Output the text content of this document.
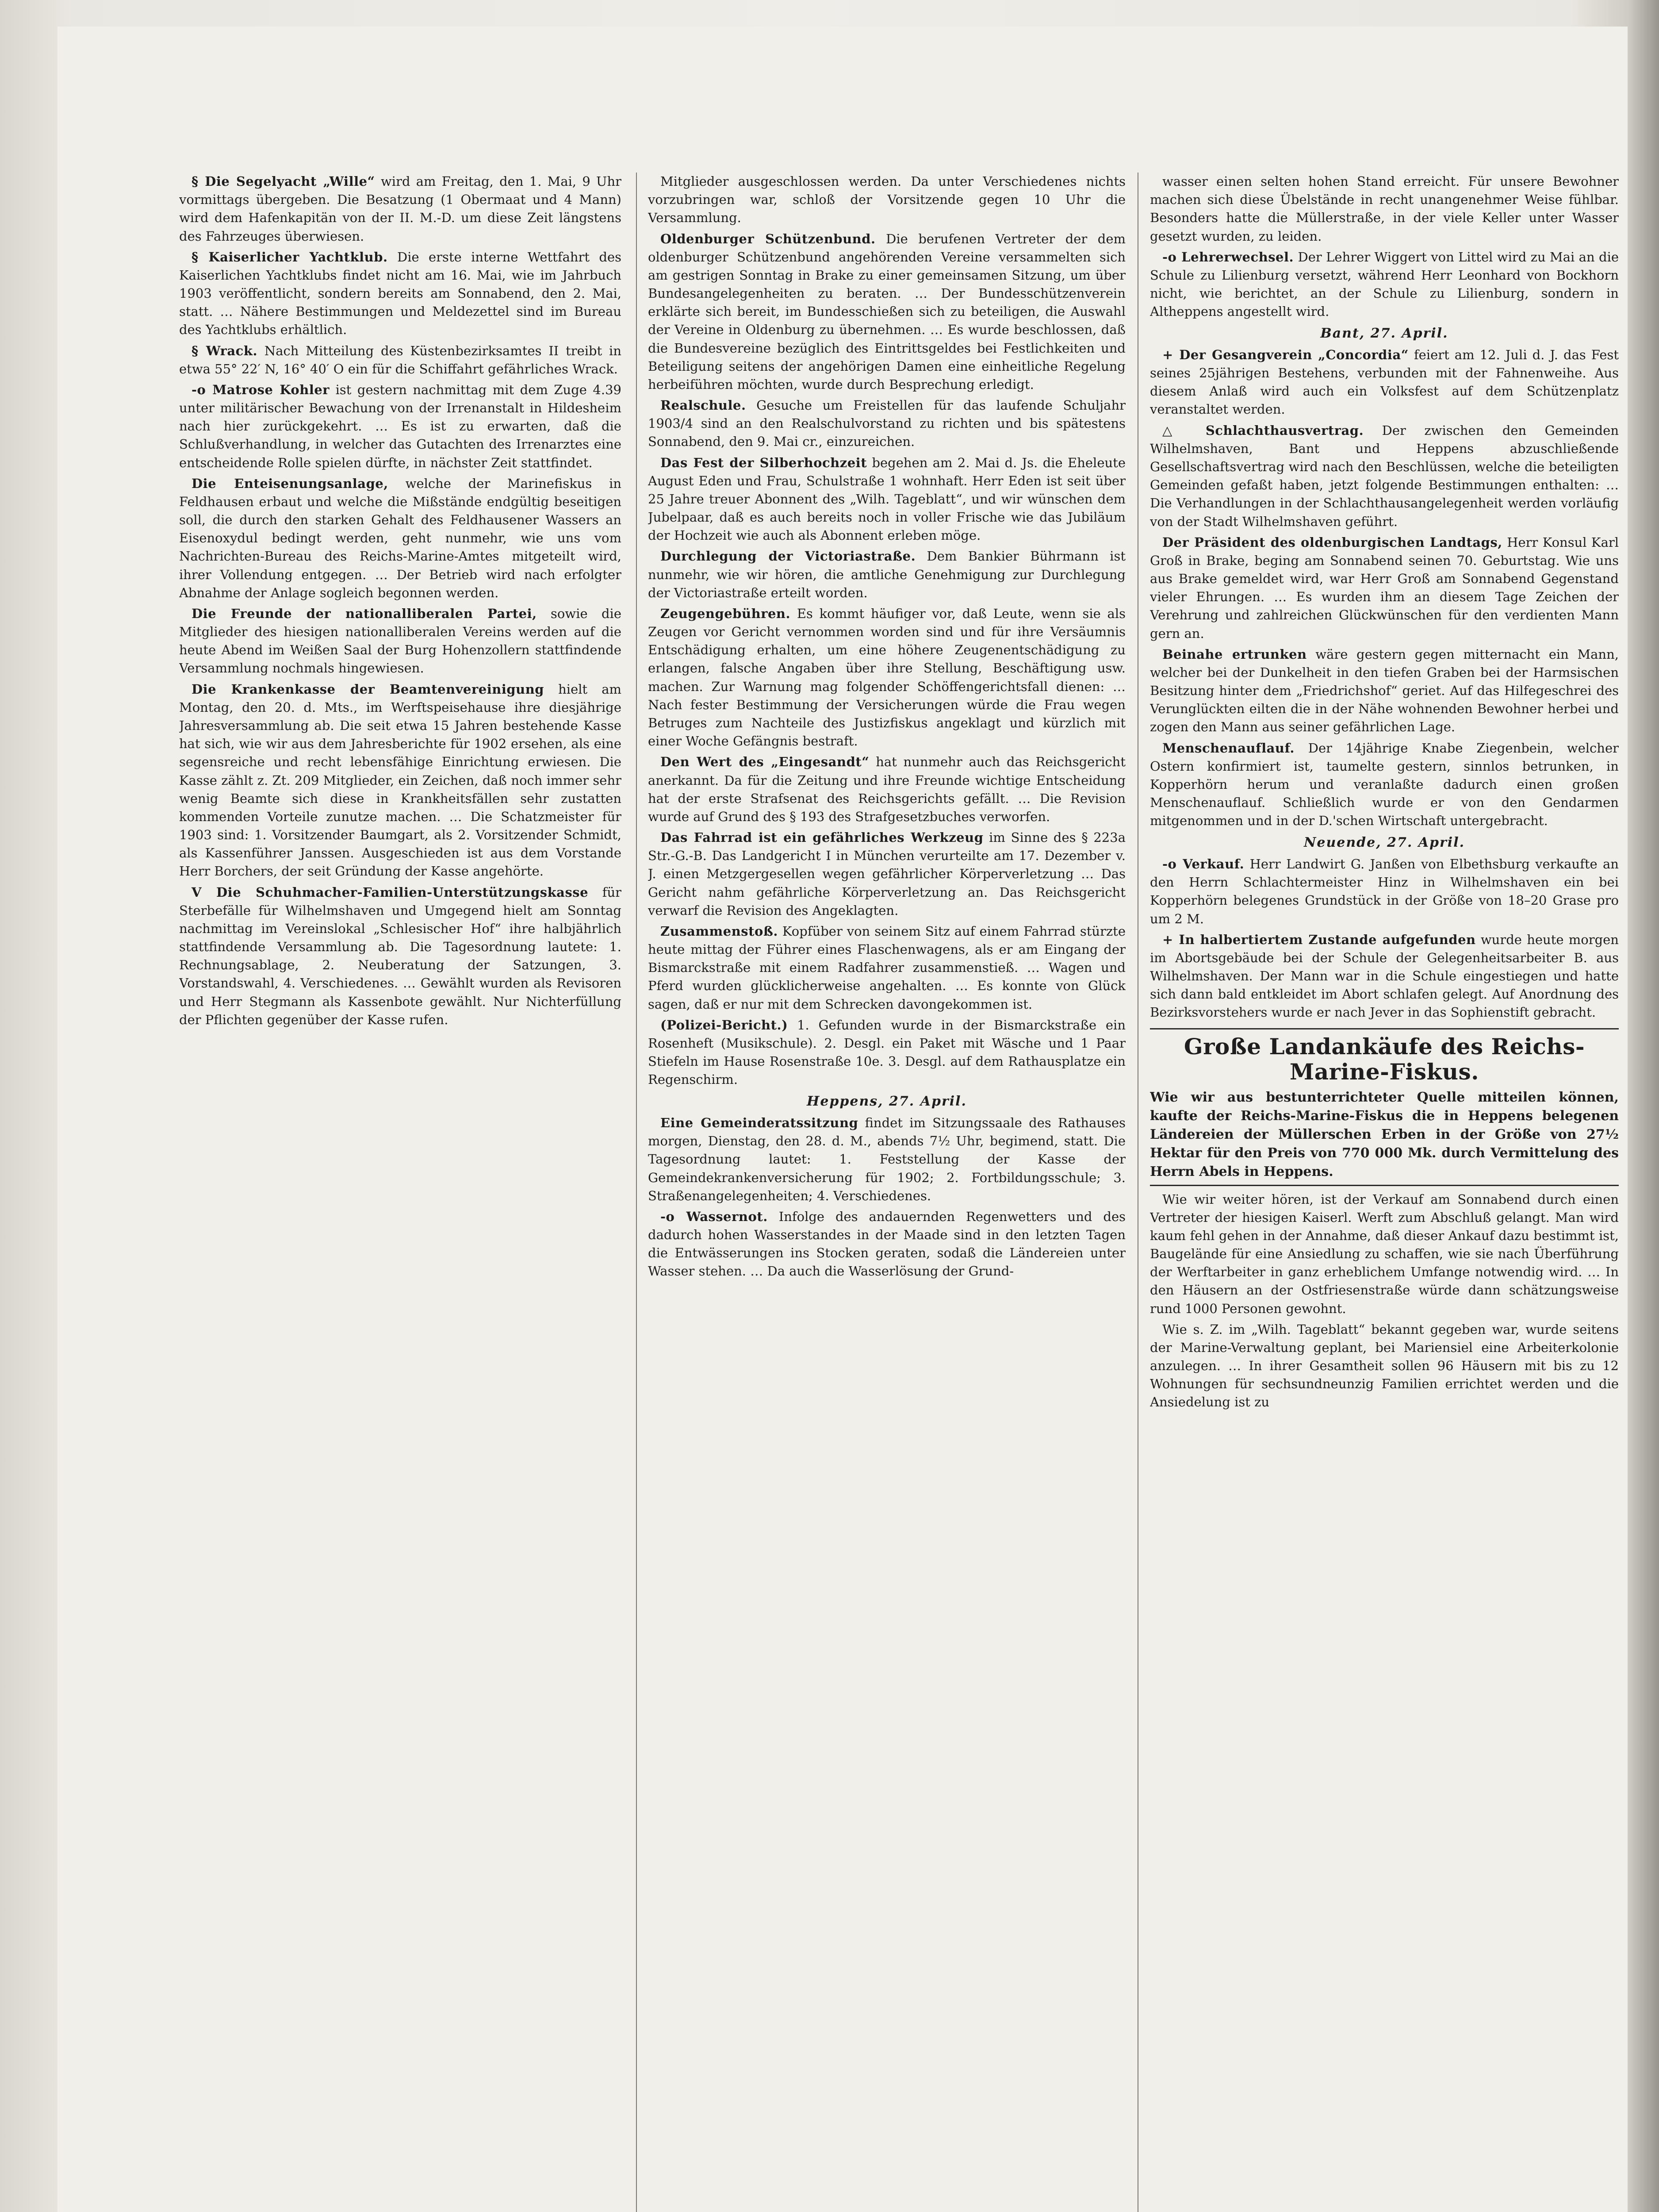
§ Die Segelyacht „Wille“ wird am Freitag, den 1. Mai, 9 Uhr vormittags übergeben. Die Besatzung (1 Obermaat und 4 Mann) wird dem Hafenkapitän von der II. M.-D. um diese Zeit längstens des Fahrzeuges überwiesen.

§ Kaiserlicher Yachtklub. Die erste interne Wettfahrt des Kaiserlichen Yachtklubs findet nicht am 16. Mai, wie im Jahrbuch 1903 veröffentlicht, sondern bereits am Sonnabend, den 2. Mai, statt. … Nähere Bestimmungen und Meldezettel sind im Bureau des Yachtklubs erhältlich.

§ Wrack. Nach Mitteilung des Küstenbezirksamtes II treibt in etwa 55° 22′ N, 16° 40′ O ein für die Schiffahrt gefährliches Wrack.

-o Matrose Kohler ist gestern nachmittag mit dem Zuge 4.39 unter militärischer Bewachung von der Irrenanstalt in Hildesheim nach hier zurückgekehrt. … Es ist zu erwarten, daß die Schlußverhandlung, in welcher das Gutachten des Irrenarztes eine entscheidende Rolle spielen dürfte, in nächster Zeit stattfindet.

Die Enteisenungsanlage, welche der Marinefiskus in Feldhausen erbaut und welche die Mißstände endgültig beseitigen soll, die durch den starken Gehalt des Feldhausener Wassers an Eisenoxydul bedingt werden, geht nunmehr, wie uns vom Nachrichten-Bureau des Reichs-Marine-Amtes mitgeteilt wird, ihrer Vollendung entgegen. … Der Betrieb wird nach erfolgter Abnahme der Anlage sogleich begonnen werden.

Die Freunde der nationalliberalen Partei, sowie die Mitglieder des hiesigen nationalliberalen Vereins werden auf die heute Abend im Weißen Saal der Burg Hohenzollern stattfindende Versammlung nochmals hingewiesen.

Die Krankenkasse der Beamtenvereinigung hielt am Montag, den 20. d. Mts., im Werftspeisehause ihre diesjährige Jahresversammlung ab. Die seit etwa 15 Jahren bestehende Kasse hat sich, wie wir aus dem Jahresberichte für 1902 ersehen, als eine segensreiche und recht lebensfähige Einrichtung erwiesen. Die Kasse zählt z. Zt. 209 Mitglieder, ein Zeichen, daß noch immer sehr wenig Beamte sich diese in Krankheitsfällen sehr zustatten kommenden Vorteile zunutze machen. … Die Schatzmeister für 1903 sind: 1. Vorsitzender Baumgart, als 2. Vorsitzender Schmidt, als Kassenführer Janssen. Ausgeschieden ist aus dem Vorstande Herr Borchers, der seit Gründung der Kasse angehörte.

V Die Schuhmacher-Familien-Unterstützungskasse für Sterbefälle für Wilhelmshaven und Umgegend hielt am Sonntag nachmittag im Vereinslokal „Schlesischer Hof“ ihre halbjährlich stattfindende Versammlung ab. Die Tagesordnung lautete: 1. Rechnungsablage, 2. Neuberatung der Satzungen, 3. Vorstandswahl, 4. Verschiedenes. … Gewählt wurden als Revisoren und Herr Stegmann als Kassenbote gewählt. Nur Nichterfüllung der Pflichten gegenüber der Kasse rufen.

Mitglieder ausgeschlossen werden. Da unter Verschiedenes nichts vorzubringen war, schloß der Vorsitzende gegen 10 Uhr die Versammlung.

Oldenburger Schützenbund. Die berufenen Vertreter der dem oldenburger Schützenbund angehörenden Vereine versammelten sich am gestrigen Sonntag in Brake zu einer gemeinsamen Sitzung, um über Bundesangelegenheiten zu beraten. … Der Bundesschützenverein erklärte sich bereit, im Bundesschießen sich zu beteiligen, die Auswahl der Vereine in Oldenburg zu übernehmen. … Es wurde beschlossen, daß die Bundesvereine bezüglich des Eintrittsgeldes bei Festlichkeiten und Beteiligung seitens der angehörigen Damen eine einheitliche Regelung herbeiführen möchten, wurde durch Besprechung erledigt.

Realschule. Gesuche um Freistellen für das laufende Schuljahr 1903/4 sind an den Realschulvorstand zu richten und bis spätestens Sonnabend, den 9. Mai cr., einzureichen.

Das Fest der Silberhochzeit begehen am 2. Mai d. Js. die Eheleute August Eden und Frau, Schulstraße 1 wohnhaft. Herr Eden ist seit über 25 Jahre treuer Abonnent des „Wilh. Tageblatt“, und wir wünschen dem Jubelpaar, daß es auch bereits noch in voller Frische wie das Jubiläum der Hochzeit wie auch als Abonnent erleben möge.

Durchlegung der Victoriastraße. Dem Bankier Bührmann ist nunmehr, wie wir hören, die amtliche Genehmigung zur Durchlegung der Victoriastraße erteilt worden.

Zeugengebühren. Es kommt häufiger vor, daß Leute, wenn sie als Zeugen vor Gericht vernommen worden sind und für ihre Versäumnis Entschädigung erhalten, um eine höhere Zeugenentschädigung zu erlangen, falsche Angaben über ihre Stellung, Beschäftigung usw. machen. Zur Warnung mag folgender Schöffengerichtsfall dienen: … Nach fester Bestimmung der Versicherungen würde die Frau wegen Betruges zum Nachteile des Justizfiskus angeklagt und kürzlich mit einer Woche Gefängnis bestraft.

Den Wert des „Eingesandt“ hat nunmehr auch das Reichsgericht anerkannt. Da für die Zeitung und ihre Freunde wichtige Entscheidung hat der erste Strafsenat des Reichsgerichts gefällt. … Die Revision wurde auf Grund des § 193 des Strafgesetzbuches verworfen.

Das Fahrrad ist ein gefährliches Werkzeug im Sinne des § 223a Str.-G.-B. Das Landgericht I in München verurteilte am 17. Dezember v. J. einen Metzgergesellen wegen gefährlicher Körperverletzung … Das Gericht nahm gefährliche Körperverletzung an. Das Reichsgericht verwarf die Revision des Angeklagten.

Zusammenstoß. Kopfüber von seinem Sitz auf einem Fahrrad stürzte heute mittag der Führer eines Flaschenwagens, als er am Eingang der Bismarckstraße mit einem Radfahrer zusammenstieß. … Wagen und Pferd wurden glücklicherweise angehalten. … Es konnte von Glück sagen, daß er nur mit dem Schrecken davongekommen ist.

(Polizei-Bericht.) 1. Gefunden wurde in der Bismarckstraße ein Rosenheft (Musikschule). 2. Desgl. ein Paket mit Wäsche und 1 Paar Stiefeln im Hause Rosenstraße 10e. 3. Desgl. auf dem Rathausplatze ein Regenschirm.

Heppens, 27. April.

Eine Gemeinderatssitzung findet im Sitzungssaale des Rathauses morgen, Dienstag, den 28. d. M., abends 7½ Uhr, begimend, statt. Die Tagesordnung lautet: 1. Feststellung der Kasse der Gemeindekrankenversicherung für 1902; 2. Fortbildungsschule; 3. Straßenangelegenheiten; 4. Verschiedenes.

-o Wassernot. Infolge des andauernden Regenwetters und des dadurch hohen Wasserstandes in der Maade sind in den letzten Tagen die Entwässerungen ins Stocken geraten, sodaß die Ländereien unter Wasser stehen. … Da auch die Wasserlösung der Grund-

wasser einen selten hohen Stand erreicht. Für unsere Bewohner machen sich diese Übelstände in recht unangenehmer Weise fühlbar. Besonders hatte die Müllerstraße, in der viele Keller unter Wasser gesetzt wurden, zu leiden.

-o Lehrerwechsel. Der Lehrer Wiggert von Littel wird zu Mai an die Schule zu Lilienburg versetzt, während Herr Leonhard von Bockhorn nicht, wie berichtet, an der Schule zu Lilienburg, sondern in Altheppens angestellt wird.

Bant, 27. April.

+ Der Gesangverein „Concordia“ feiert am 12. Juli d. J. das Fest seines 25jährigen Bestehens, verbunden mit der Fahnenweihe. Aus diesem Anlaß wird auch ein Volksfest auf dem Schützenplatz veranstaltet werden.

△ Schlachthausvertrag. Der zwischen den Gemeinden Wilhelmshaven, Bant und Heppens abzuschließende Gesellschaftsvertrag wird nach den Beschlüssen, welche die beteiligten Gemeinden gefaßt haben, jetzt folgende Bestimmungen enthalten: … Die Verhandlungen in der Schlachthausangelegenheit werden vorläufig von der Stadt Wilhelmshaven geführt.

Der Präsident des oldenburgischen Landtags, Herr Konsul Karl Groß in Brake, beging am Sonnabend seinen 70. Geburtstag. Wie uns aus Brake gemeldet wird, war Herr Groß am Sonnabend Gegenstand vieler Ehrungen. … Es wurden ihm an diesem Tage Zeichen der Verehrung und zahlreichen Glückwünschen für den verdienten Mann gern an.

Beinahe ertrunken wäre gestern gegen mitternacht ein Mann, welcher bei der Dunkelheit in den tiefen Graben bei der Harmsischen Besitzung hinter dem „Friedrichshof“ geriet. Auf das Hilfegeschrei des Verunglückten eilten die in der Nähe wohnenden Bewohner herbei und zogen den Mann aus seiner gefährlichen Lage.

Menschenauflauf. Der 14jährige Knabe Ziegenbein, welcher Ostern konfirmiert ist, taumelte gestern, sinnlos betrunken, in Kopperhörn herum und veranlaßte dadurch einen großen Menschenauflauf. Schließlich wurde er von den Gendarmen mitgenommen und in der D.'schen Wirtschaft untergebracht.

Neuende, 27. April.

-o Verkauf. Herr Landwirt G. Janßen von Elbethsburg verkaufte an den Herrn Schlachtermeister Hinz in Wilhelmshaven ein bei Kopperhörn belegenes Grundstück in der Größe von 18–20 Grase pro um 2 M.

+ In halbertiertem Zustande aufgefunden wurde heute morgen im Abortsgebäude bei der Schule der Gelegenheitsarbeiter B. aus Wilhelmshaven. Der Mann war in die Schule eingestiegen und hatte sich dann bald entkleidet im Abort schlafen gelegt. Auf Anordnung des Bezirksvorstehers wurde er nach Jever in das Sophienstift gebracht.

Große Landankäufe des Reichs-Marine-Fiskus.

Wie wir aus bestunterrichteter Quelle mitteilen können, kaufte der Reichs-Marine-Fiskus die in Heppens belegenen Ländereien der Müllerschen Erben in der Größe von 27½ Hektar für den Preis von 770 000 Mk. durch Vermittelung des Herrn Abels in Heppens.

Wie wir weiter hören, ist der Verkauf am Sonnabend durch einen Vertreter der hiesigen Kaiserl. Werft zum Abschluß gelangt. Man wird kaum fehl gehen in der Annahme, daß dieser Ankauf dazu bestimmt ist, Baugelände für eine Ansiedlung zu schaffen, wie sie nach Überführung der Werftarbeiter in ganz erheblichem Umfange notwendig wird. … In den Häusern an der Ostfriesenstraße würde dann schätzungsweise rund 1000 Personen gewohnt.

Wie s. Z. im „Wilh. Tageblatt“ bekannt gegeben war, wurde seitens der Marine-Verwaltung geplant, bei Mariensiel eine Arbeiterkolonie anzulegen. … In ihrer Gesamtheit sollen 96 Häusern mit bis zu 12 Wohnungen für sechsundneunzig Familien errichtet werden und die Ansiedelung ist zu
